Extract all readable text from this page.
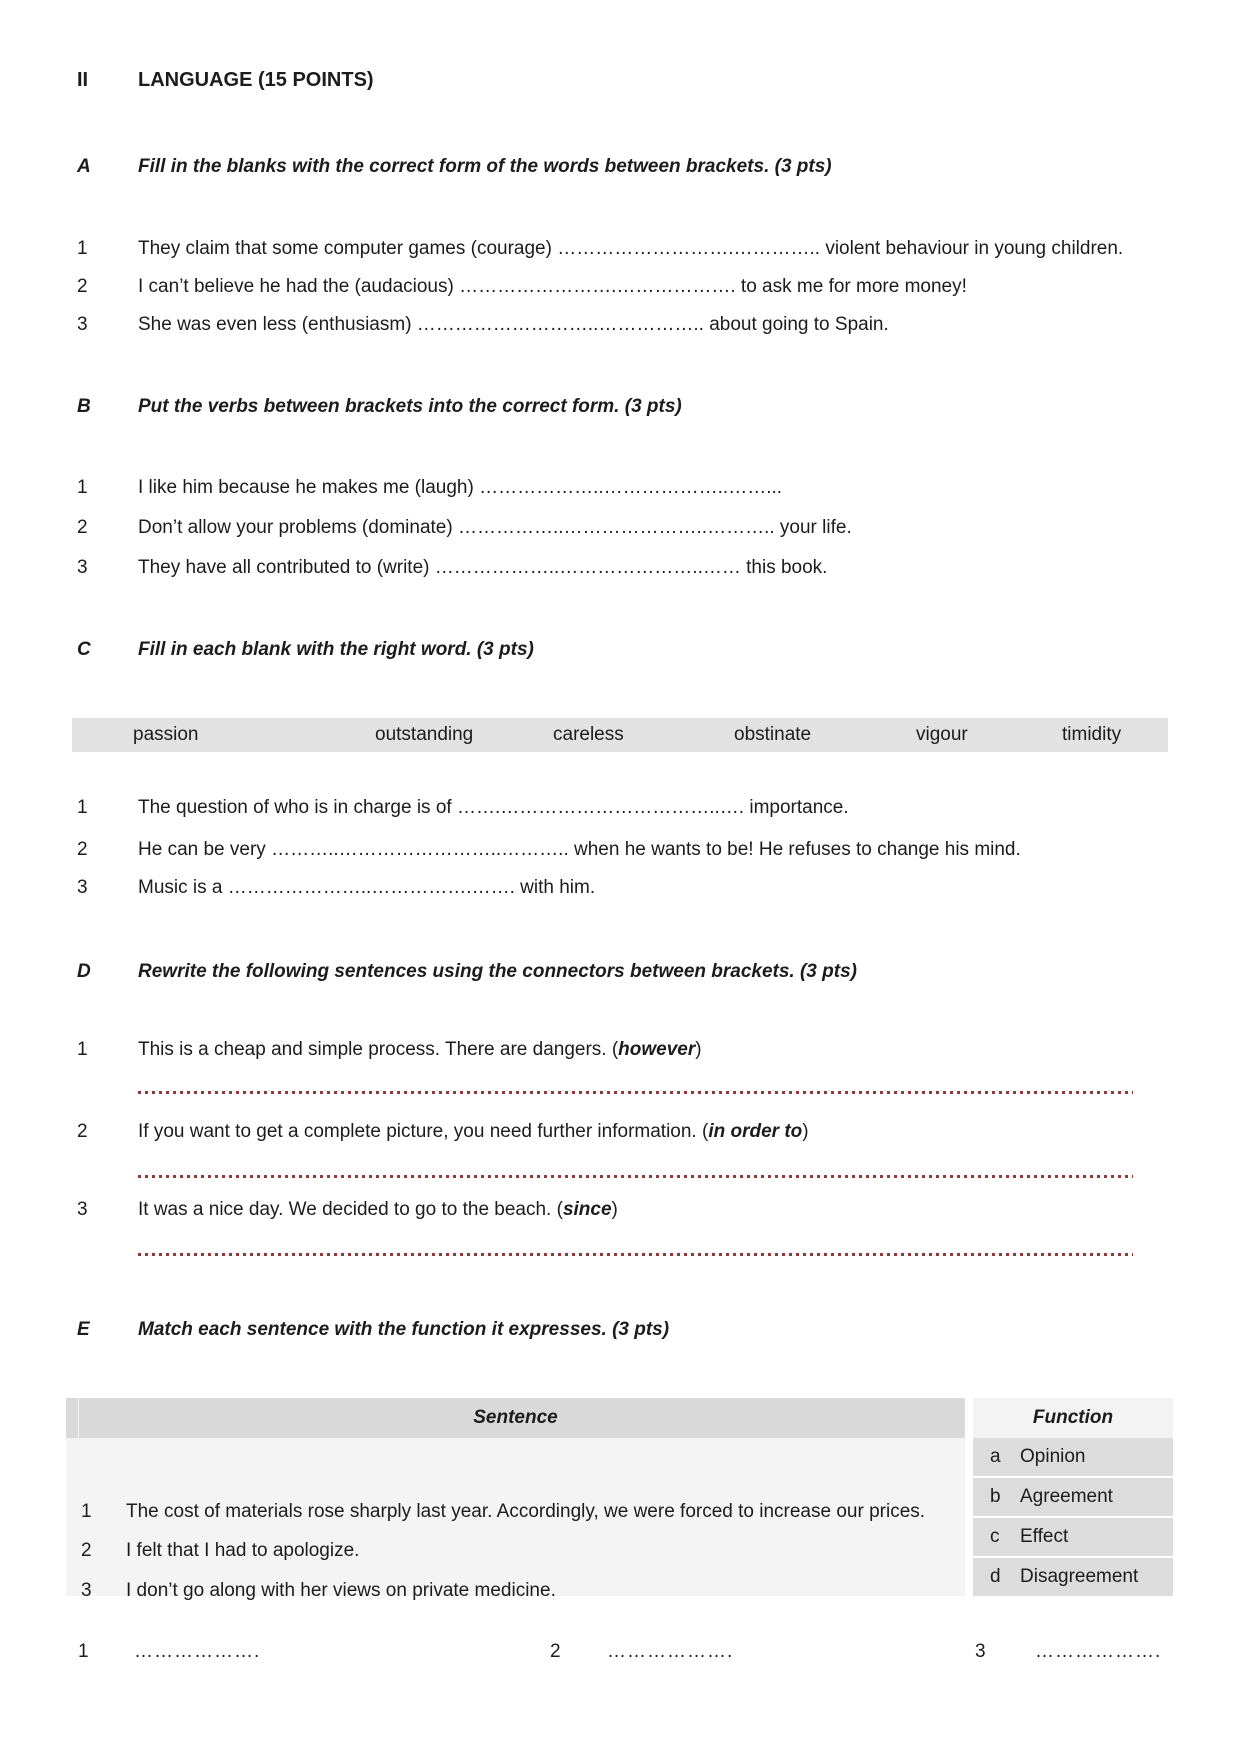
II LANGUAGE (15 POINTS)
A Fill in the blanks with the correct form of the words between brackets. (3 pts)
1	They claim that some computer games (courage) ……………………….………….. violent behaviour in young children.
2	I can’t believe he had the (audacious) …………………….………………. to ask me for more money!
3	She was even less (enthusiasm) ………………………..…………….. about going to Spain.
B Put the verbs between brackets into the correct form. (3 pts)
1	I like him because he makes me (laugh) ………………..………………..……...
2	Don’t allow your problems (dominate) ……………..…………………..……….. your life.
3	They have all contributed to (write) ………………..…………………..…… this book.
C Fill in each blank with the right word. (3 pts)
passion	outstanding	careless	obstinate	vigour	timidity
1	The question of who is in charge is of …….……………………………..…. importance.
2	He can be very ………..……………………..……….. when he wants to be! He refuses to change his mind.
3	Music is a …………………..…………….……. with him.
D Rewrite the following sentences using the connectors between brackets. (3 pts)
1	This is a cheap and simple process. There are dangers. (however)
2	If you want to get a complete picture, you need further information. (in order to)
3	It was a nice day. We decided to go to the beach. (since)
E	Match each sentence with the function it expresses. (3 pts)
Sentence	Function
1 The cost of materials rose sharply last year. Accordingly, we were forced to increase our prices.
2 I felt that I had to apologize.
3 I don’t go along with her views on private medicine.
a Opinion
b Agreement
c Effect
d Disagreement
1 ……………….	2 ……………….	3	……………….
